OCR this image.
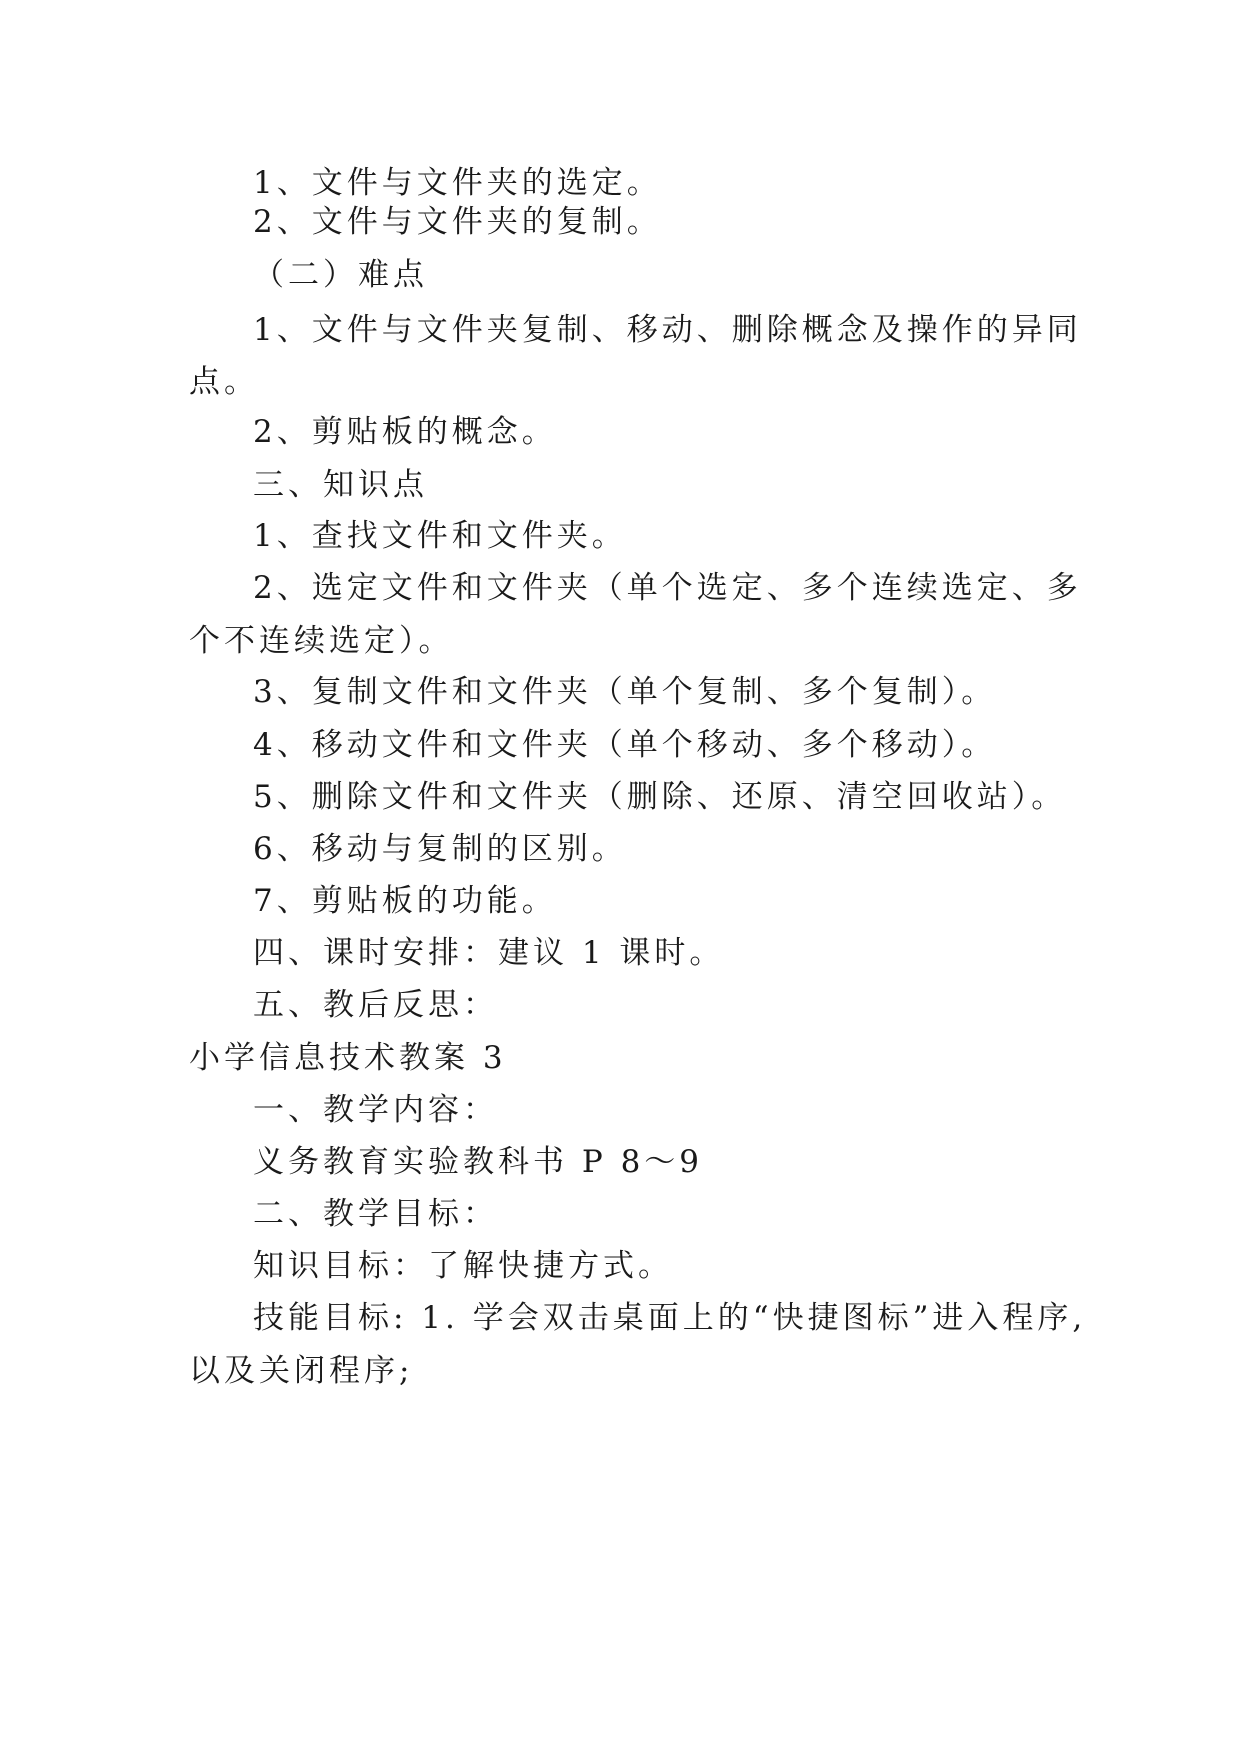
1、文件与文件夹的选定。
2、文件与文件夹的复制。
（二）难点
1、文件与文件夹复制、移动、删除概念及操作的异同
点。
2、剪贴板的概念。
三、知识点
1、查找文件和文件夹。
2、选定文件和文件夹（单个选定、多个连续选定、多
个不连续选定）。
3、复制文件和文件夹（单个复制、多个复制）。
4、移动文件和文件夹（单个移动、多个移动）。
5、删除文件和文件夹（删除、还原、清空回收站）。
6、移动与复制的区别。
7、剪贴板的功能。
四、课时安排：建议 1 课时。
五、教后反思：
小学信息技术教案 3
一、教学内容：
义务教育实验教科书 P 8～9
二、教学目标：
知识目标：了解快捷方式。
技能目标: 1. 学会双击桌面上的“快捷图标”进入程序,
以及关闭程序;
